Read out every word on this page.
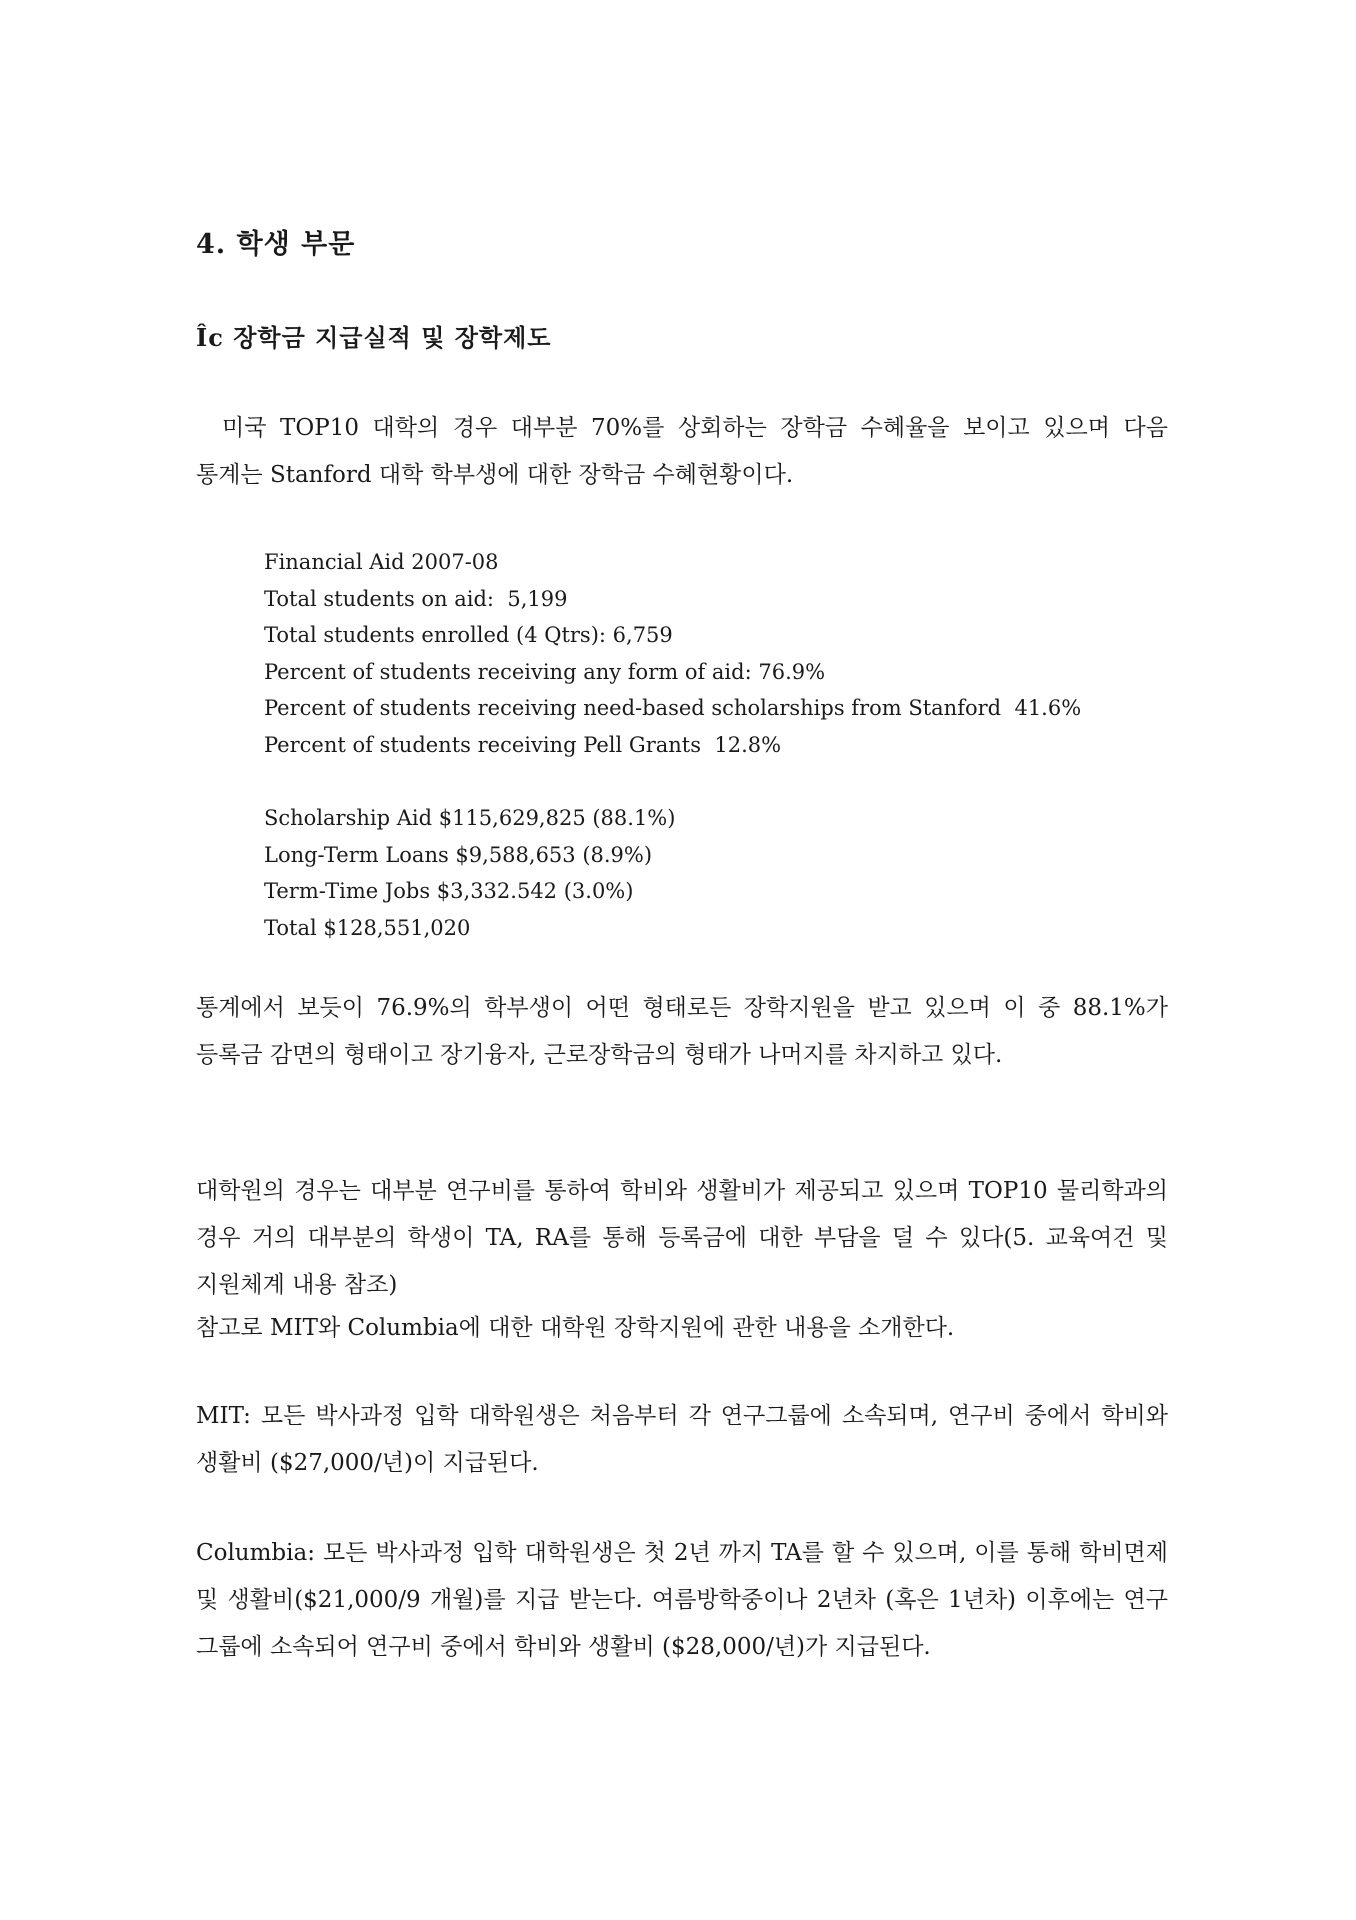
4. 학생 부문
Îc 장학금 지급실적 및 장학제도

미국 TOP10 대학의 경우 대부분 70%를 상회하는 장학금 수혜율을 보이고 있으며 다음 통계는 Stanford 대학 학부생에 대한 장학금 수혜현황이다.

Financial Aid 2007-08
Total students on aid:  5,199
Total students enrolled (4 Qtrs): 6,759
Percent of students receiving any form of aid: 76.9%
Percent of students receiving need-based scholarships from Stanford  41.6%
Percent of students receiving Pell Grants  12.8%
Scholarship Aid $115,629,825 (88.1%)
Long-Term Loans $9,588,653 (8.9%)
Term-Time Jobs $3,332.542 (3.0%)
Total $128,551,020

통계에서 보듯이 76.9%의 학부생이 어떤 형태로든 장학지원을 받고 있으며 이 중 88.1%가 등록금 감면의 형태이고 장기융자, 근로장학금의 형태가 나머지를 차지하고 있다.

대학원의 경우는 대부분 연구비를 통하여 학비와 생활비가 제공되고 있으며 TOP10 물리학과의 경우 거의 대부분의 학생이 TA, RA를 통해 등록금에 대한 부담을 덜 수 있다(5. 교육여건 및 지원체계 내용 참조)

참고로 MIT와 Columbia에 대한 대학원 장학지원에 관한 내용을 소개한다.

MIT: 모든 박사과정 입학 대학원생은 처음부터 각 연구그룹에 소속되며, 연구비 중에서 학비와 생활비 ($27,000/년)이 지급된다.

Columbia: 모든 박사과정 입학 대학원생은 첫 2년 까지 TA를 할 수 있으며, 이를 통해 학비면제 및 생활비($21,000/9 개월)를 지급 받는다. 여름방학중이나 2년차 (혹은 1년차) 이후에는 연구 그룹에 소속되어 연구비 중에서 학비와 생활비 ($28,000/년)가 지급된다.
